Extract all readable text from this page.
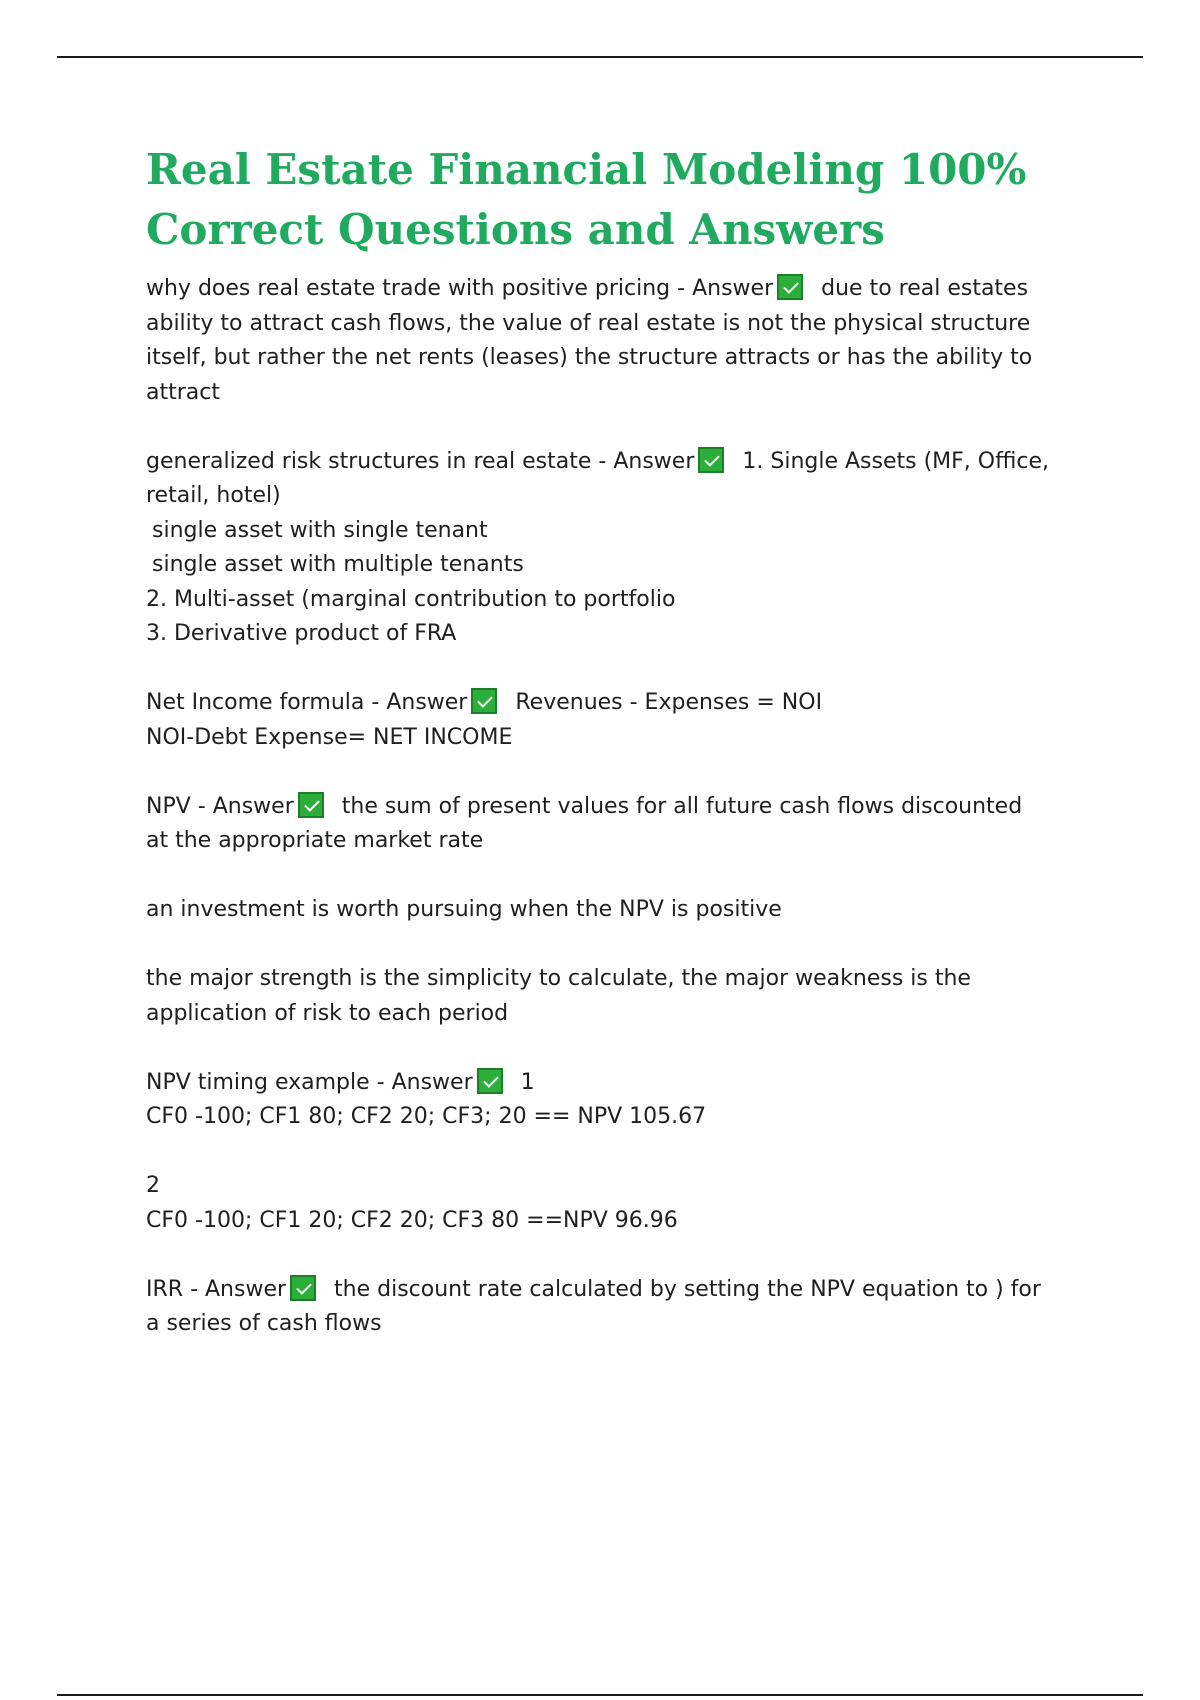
Real Estate Financial Modeling 100%
Correct Questions and Answers
why does real estate trade with positive pricing - Answer due to real estates
ability to attract cash flows, the value of real estate is not the physical structure
itself, but rather the net rents (leases) the structure attracts or has the ability to
attract
generalized risk structures in real estate - Answer 1. Single Assets (MF, Office,
retail, hotel)
single asset with single tenant
single asset with multiple tenants
2. Multi-asset (marginal contribution to portfolio
3. Derivative product of FRA
Net Income formula - Answer Revenues - Expenses = NOI
NOI-Debt Expense= NET INCOME
NPV - Answer the sum of present values for all future cash flows discounted
at the appropriate market rate
an investment is worth pursuing when the NPV is positive
the major strength is the simplicity to calculate, the major weakness is the
application of risk to each period
NPV timing example - Answer 1
CF0 -100; CF1 80; CF2 20; CF3; 20 == NPV 105.67
2
CF0 -100; CF1 20; CF2 20; CF3 80 ==NPV 96.96
IRR - Answer the discount rate calculated by setting the NPV equation to ) for
a series of cash flows
